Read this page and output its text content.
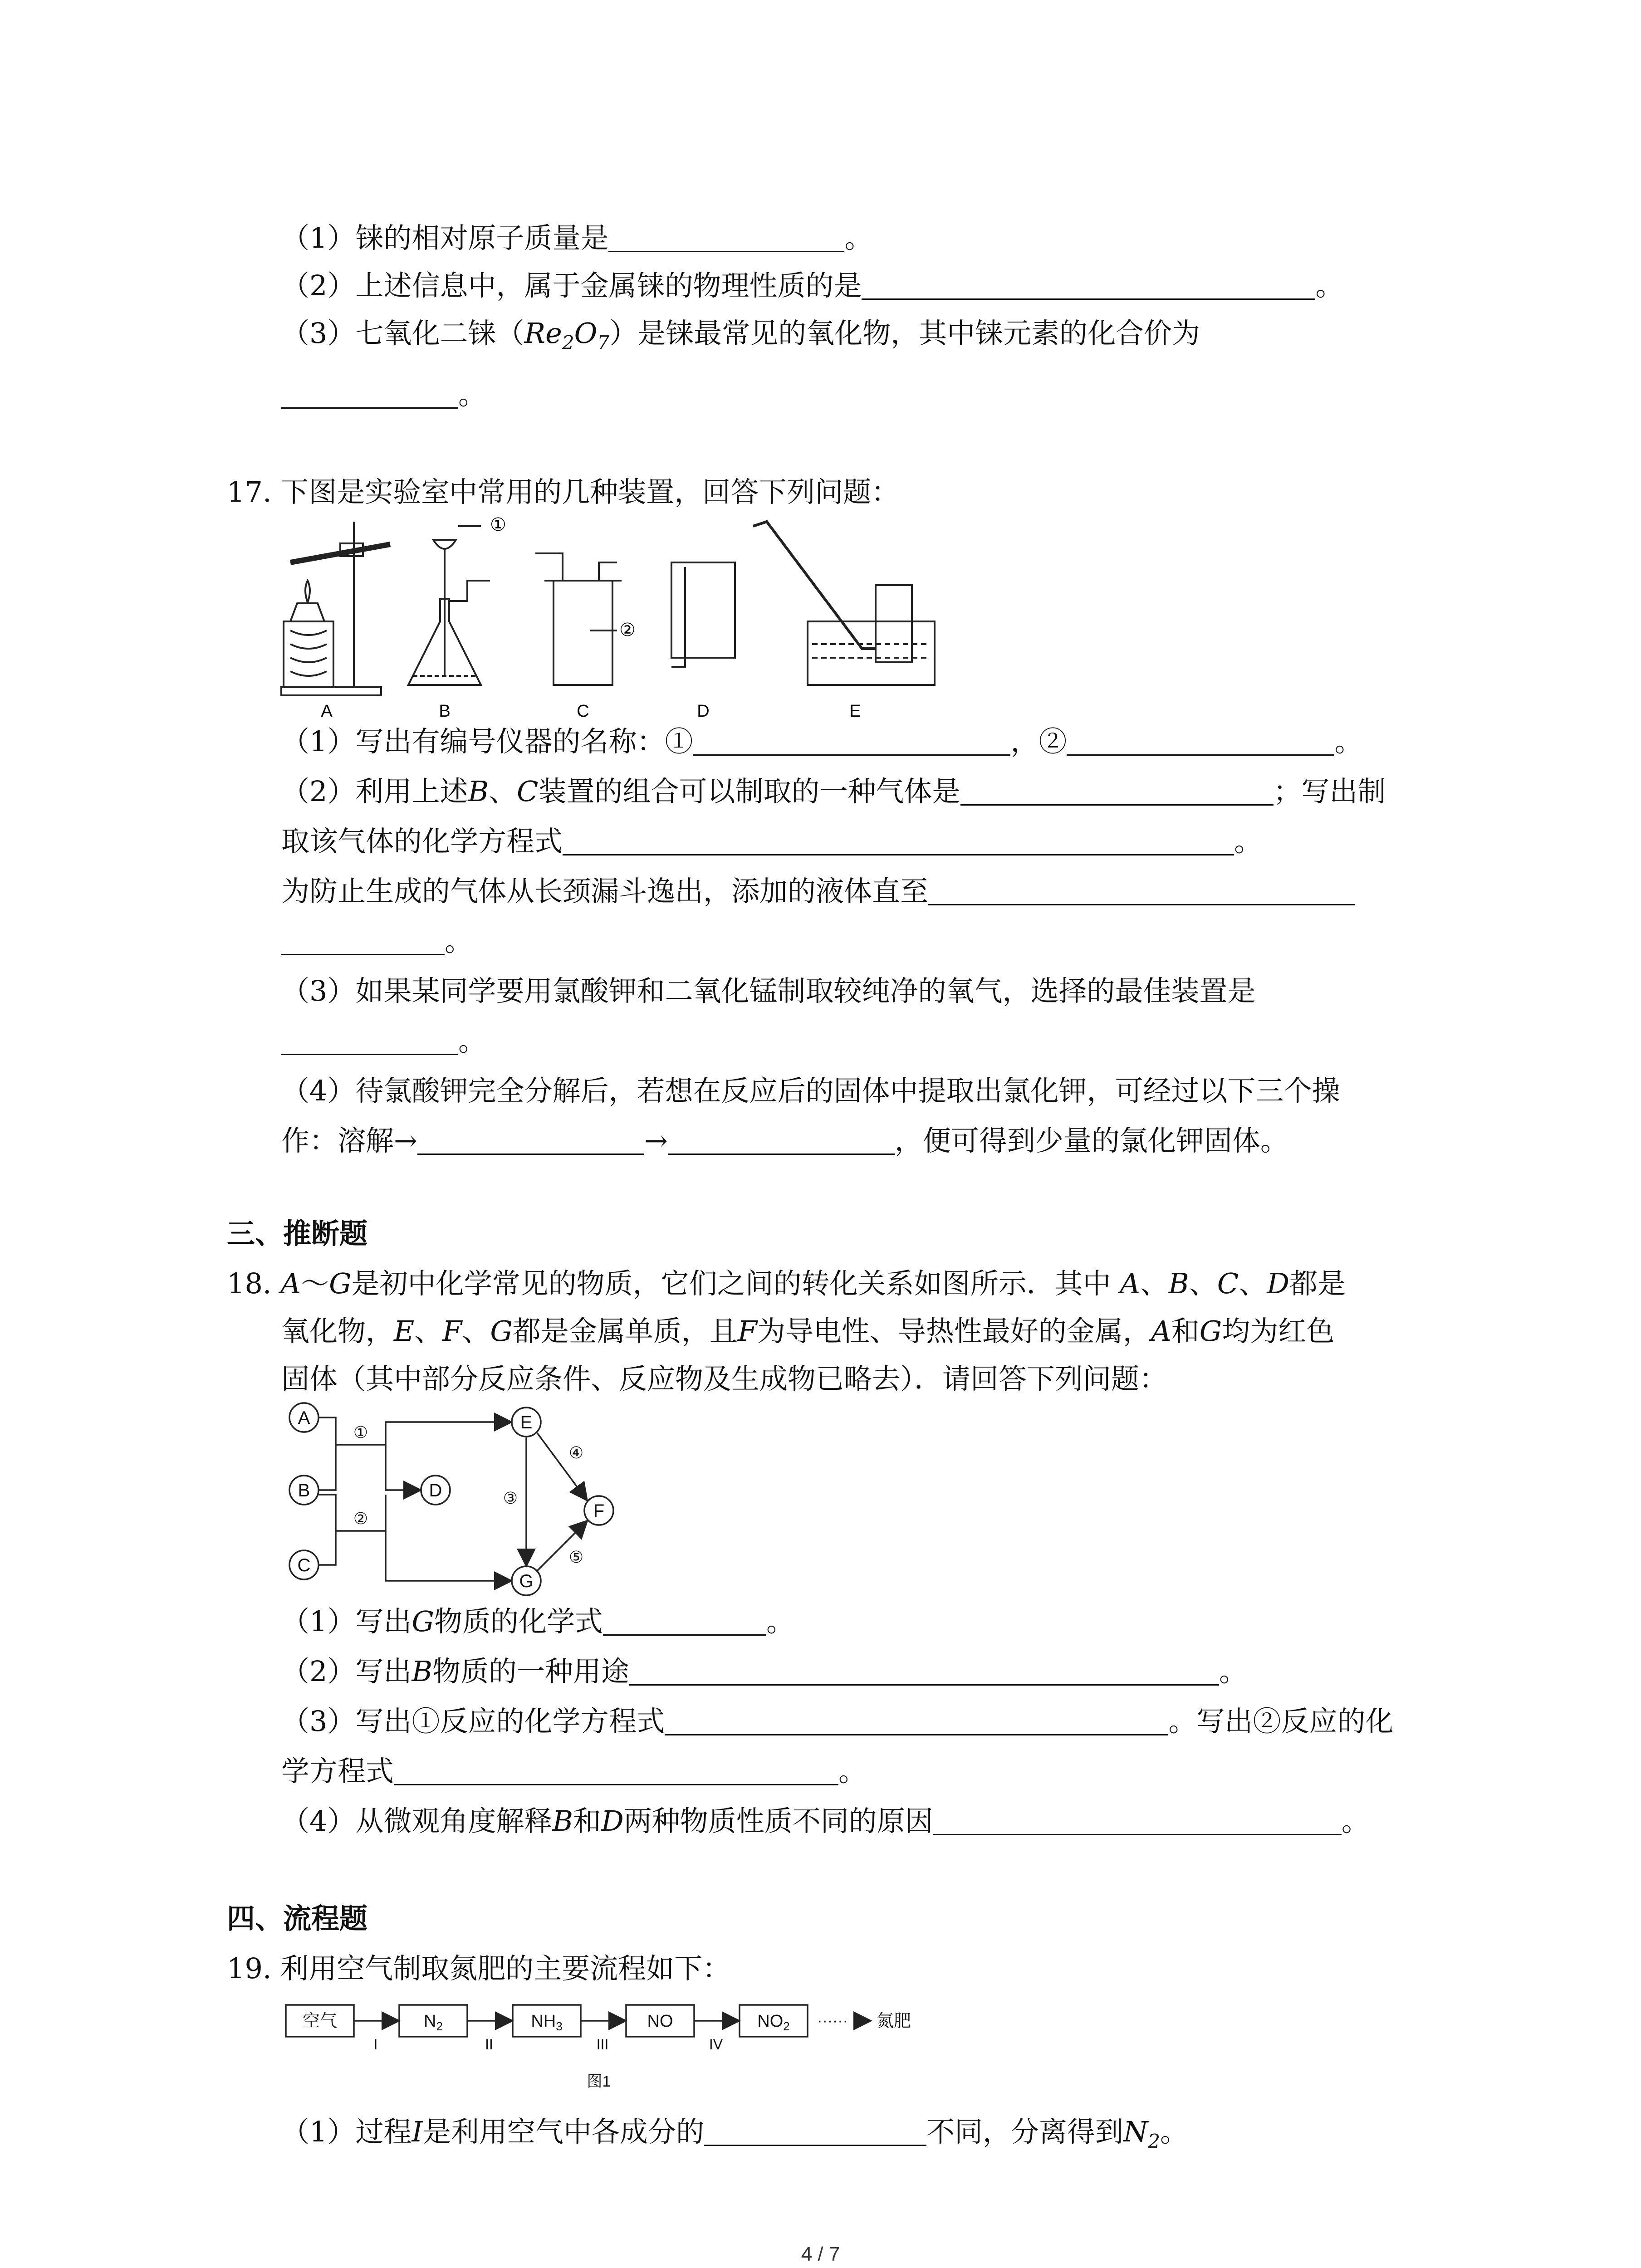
（1）铼的相对原子质量是	。

（2）上述信息中，属于金属铼的物理性质的是	。

（3）七氧化二铼$(Re_2O_7)$是铼最常见的氧化物，其中铼元素的化合价为

。

17. 下图是实验室中常用的几种装置，回答下列问题：

①
②
A	B	C	D	E

（1）写出有编号仪器的名称：①	，②	。

（2）利用上述B、C装置的组合可以制取的一种气体是	；写出制

取该气体的化学方程式	。

为防止生成的气体从长颈漏斗逸出，添加的液体直至

。

（3）如果某同学要用氯酸钾和二氧化锰制取较纯净的氧气，选择的最佳装置是

。

（4）待氯酸钾完全分解后，若想在反应后的固体中提取出氯化钾，可经过以下三个操

作：溶解→	→	，便可得到少量的氯化钾固体。

三、推断题

18. A～G是初中化学常见的物质，它们之间的转化关系如图所示．其中 A、B、C、D都是

氧化物，E、F、G都是金属单质，且F为导电性、导热性最好的金属，A和G均为红色

固体（其中部分反应条件、反应物及生成物已略去）．请回答下列问题：

A
B
C
D
E
F
G
①
②
③
④
⑤

（1）写出G物质的化学式	。

（2）写出B物质的一种用途	。

（3）写出①反应的化学方程式	。写出②反应的化

学方程式	。

（4）从微观角度解释B和D两种物质性质不同的原因	。

四、流程题

19. 利用空气制取氮肥的主要流程如下：

空气	$N_2$	$NH_3$	NO	$NO_2$
I	II	III	IV
······ 氮肥
图1

（1）过程I是利用空气中各成分的	不同，分离得到$N_2$。

4 / 7
